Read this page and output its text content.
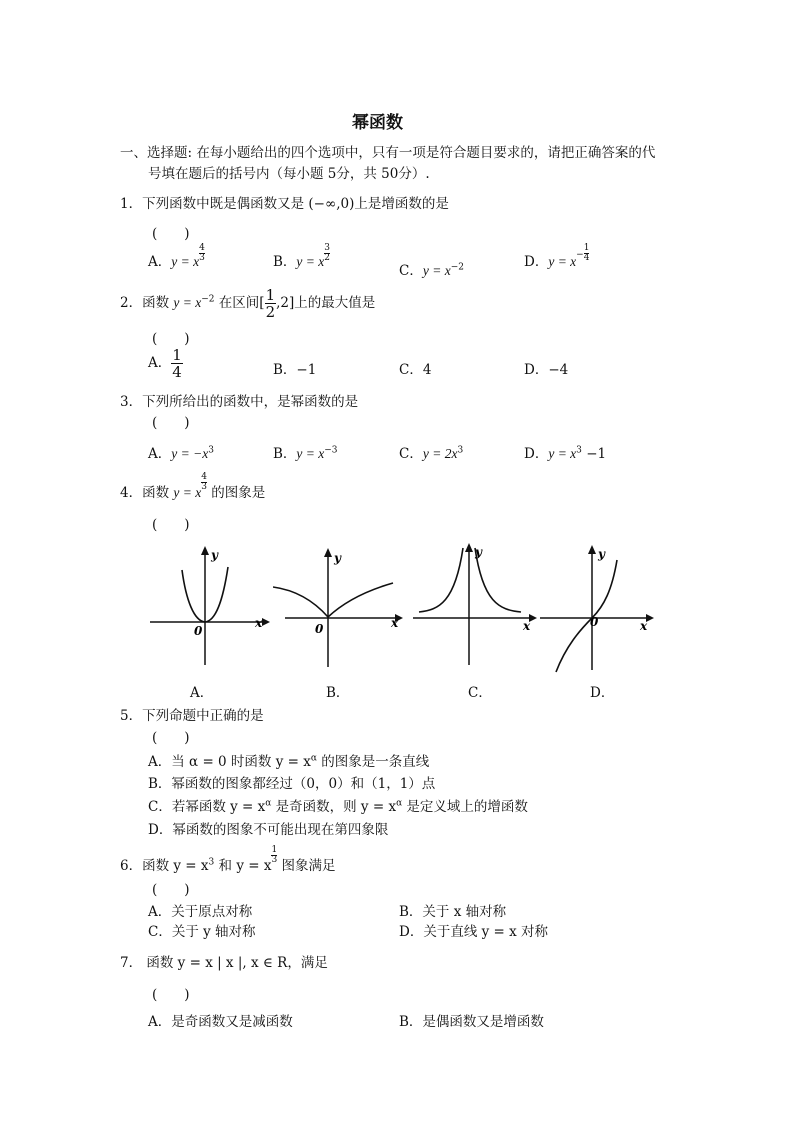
幂函数
一、选择题: 在每小题给出的四个选项中，只有一项是符合题目要求的，请把正确答案的代
号填在题后的括号内（每小题 5分，共 50分）.
1．下列函数中既是偶函数又是 (−∞,0)上是增函数的是
(　　)
A．y = x $\frac{4}{3}$	B．y = x $\frac{3}{2}$
C．$y = x^{-2}$	D．$y = x^- \frac{1}{4}$
2．函数 $y = x^{-2}$ 在区间[ $\frac{1}{2} ,2$]上的最大值是
(　　)
A． $\frac{1}{4}$	B．−1	C．4	D．−4
3．下列所给出的函数中，是幂函数的是
(　　)
A．$y = -x^3$	B．$y = x^{-3}$	C．$y = 2x^3$	D．$y = x^3 -1$
4．函数 y = x
$\frac{4}{3}$
的图象是
(　　)
y
x
0
y
x
0
y
x
y
x
0
A．	B．	C．	D．
5．下列命题中正确的是
(　　)
A．当 α = 0 时函数 $y = x^\alpha$ 的图象是一条直线
B．幂函数的图象都经过（0，0）和（1，1）点
C．若幂函数 $y = x^\alpha$ 是奇函数，则 $y = x^\alpha$ 是定义域上的增函数
D．幂函数的图象不可能出现在第四象限
6．函数 $y = x^3$ 和 y = x
$\frac{1}{3}$
图象满足
(　　)
A．关于原点对称	B．关于 x 轴对称
C．关于 y 轴对称	D．关于直线 y = x 对称
7． 函数 y = x | x |, x ∈ R，满足
(　　)
A．是奇函数又是减函数	B．是偶函数又是增函数
